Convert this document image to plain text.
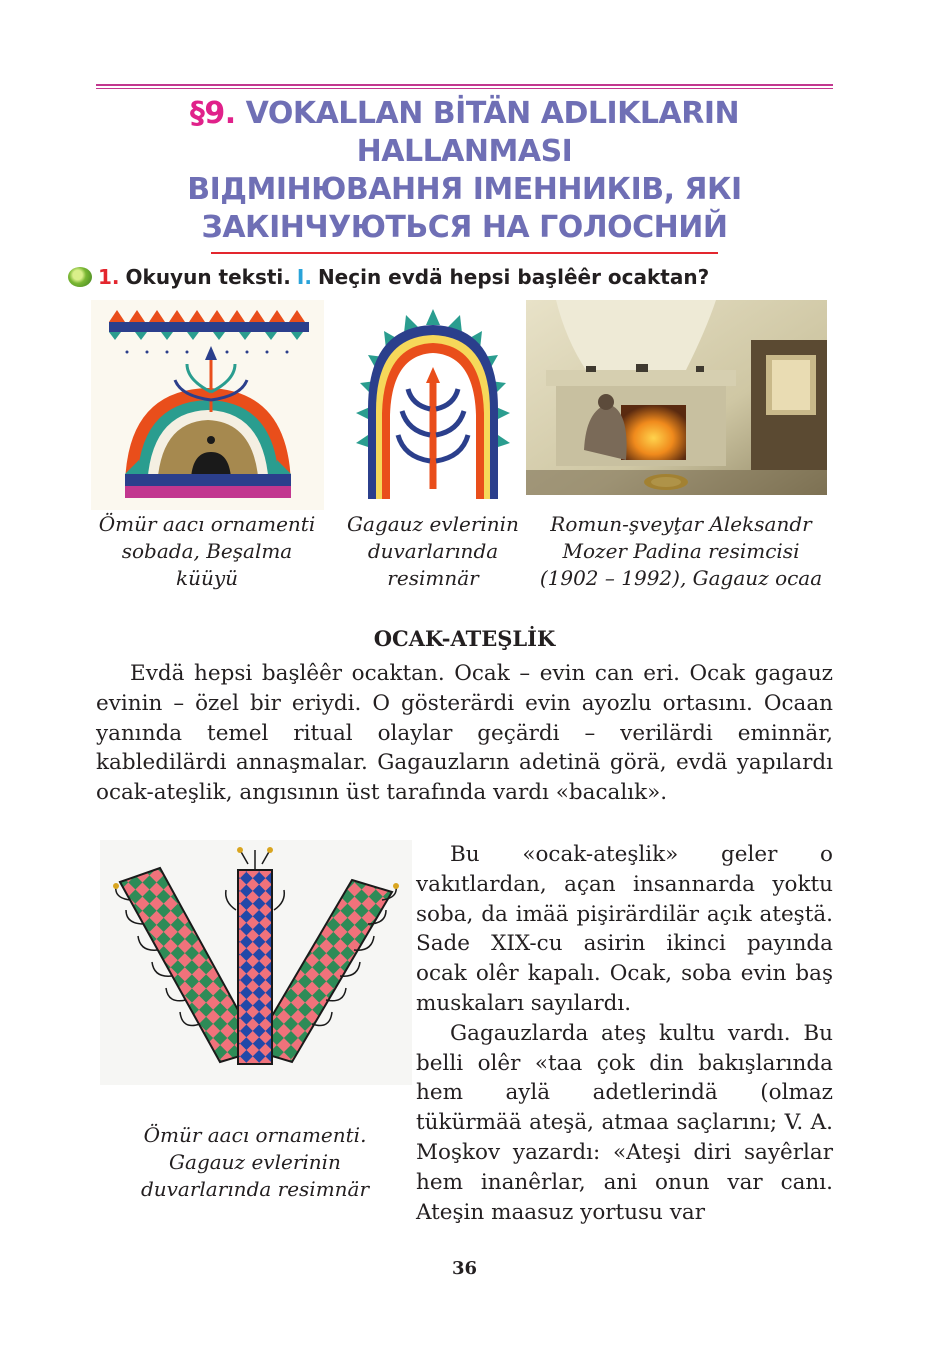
§9. VOKALLAN BİTÄN ADLIKLARIN
HALLANMASI
ВІДМІНЮВАННЯ ІМЕННИКІВ, ЯКІ
ЗАКІНЧУЮТЬСЯ НА ГОЛОСНИЙ
1. Okuyun teksti. I. Neçin evdä hepsi başlêêr ocaktan?
Ömür aacı ornamenti
sobada, Beşalma
küüyü
Gagauz evlerinin
duvarlarında
resimnär
Romun-şveyţar Aleksandr
Mozer Padina resimcisi
(1902 – 1992), Gagauz ocaa
OCAK-ATEŞLİK

Evdä hepsi başlêêr ocaktan. Ocak – evin can eri. Ocak gagauz evinin – özel bir eriydi. O gösterärdi evin ayozlu ortasını. Ocaan yanında temel ritual olaylar geçärdi – verilärdi eminnär, kabledilärdi annaşmalar. Gagauzların adetinä görä, evdä yapılardı ocak-ateşlik, angısının üst tarafında vardı «bacalık».

Ömür aacı ornamenti.
Gagauz evlerinin
duvarlarında resimnär

Bu «ocak-ateşlik» geler o vakıtlardan, açan insannarda yoktu soba, da imää pişirärdilär açık ateştä. Sade XIX-cu asirin ikinci payında ocak olêr kapalı. Ocak, soba evin baş muskaları sayılardı.

Gagauzlarda ateş kultu vardı. Bu belli olêr «taa çok din bakışlarında hem aylä adetlerindä (olmaz tükürmää ateşä, atmaa saçlarını; V. A. Moşkov yazardı: «Ateşi diri sayêrlar hem inanêrlar, ani onun var canı. Ateşin maasuz yortusu var

36
